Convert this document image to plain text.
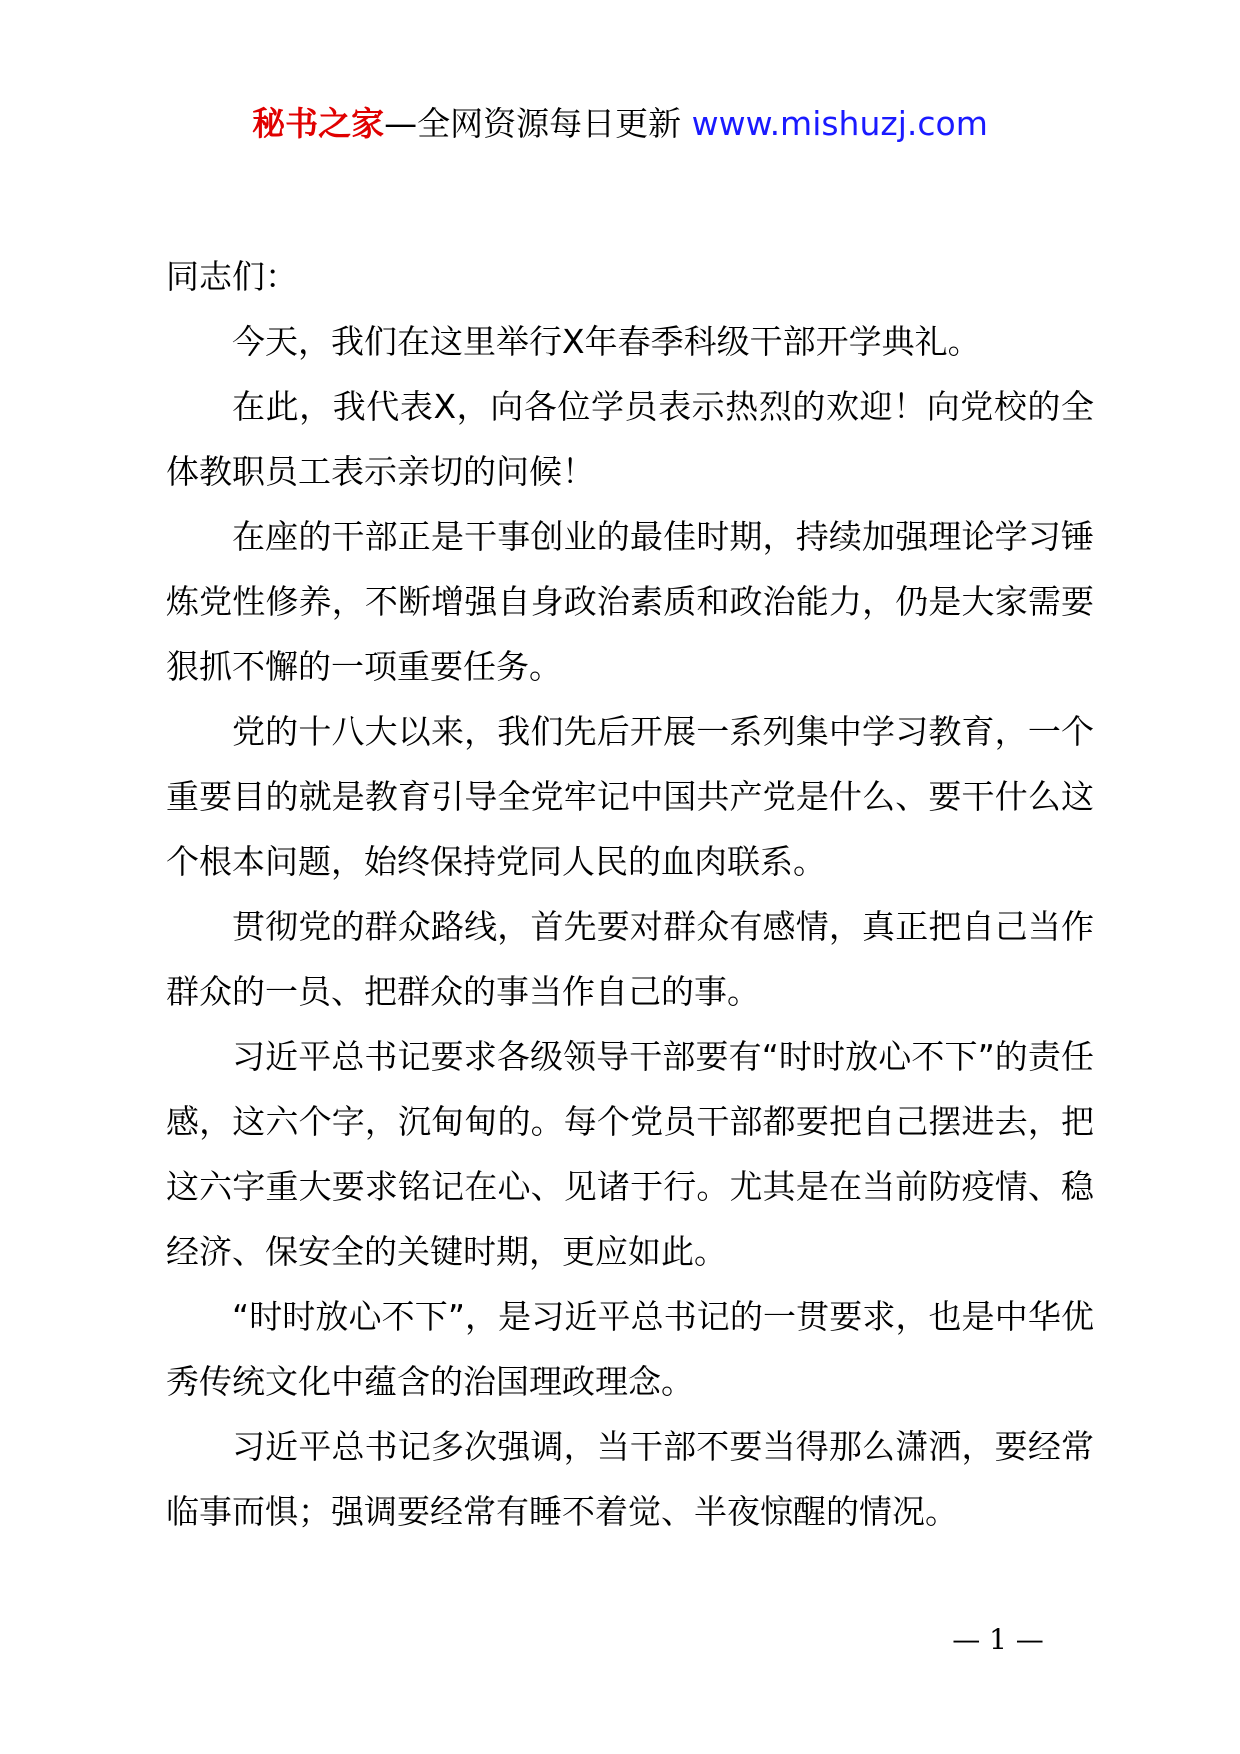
秘书之家—全网资源每日更新 www.mishuzj.com

同志们：

今天，我们在这里举行X年春季科级干部开学典礼。

在此，我代表X，向各位学员表示热烈的欢迎！向党校的全体教职员工表示亲切的问候！

在座的干部正是干事创业的最佳时期，持续加强理论学习锤炼党性修养，不断增强自身政治素质和政治能力，仍是大家需要狠抓不懈的一项重要任务。

党的十八大以来，我们先后开展一系列集中学习教育，一个重要目的就是教育引导全党牢记中国共产党是什么、要干什么这个根本问题，始终保持党同人民的血肉联系。

贯彻党的群众路线，首先要对群众有感情，真正把自己当作群众的一员、把群众的事当作自己的事。

习近平总书记要求各级领导干部要有“时时放心不下”的责任感，这六个字，沉甸甸的。每个党员干部都要把自己摆进去，把这六字重大要求铭记在心、见诸于行。尤其是在当前防疫情、稳经济、保安全的关键时期，更应如此。

“时时放心不下”，是习近平总书记的一贯要求，也是中华优秀传统文化中蕴含的治国理政理念。

习近平总书记多次强调，当干部不要当得那么潇洒，要经常临事而惧；强调要经常有睡不着觉、半夜惊醒的情况。

— 1 —
